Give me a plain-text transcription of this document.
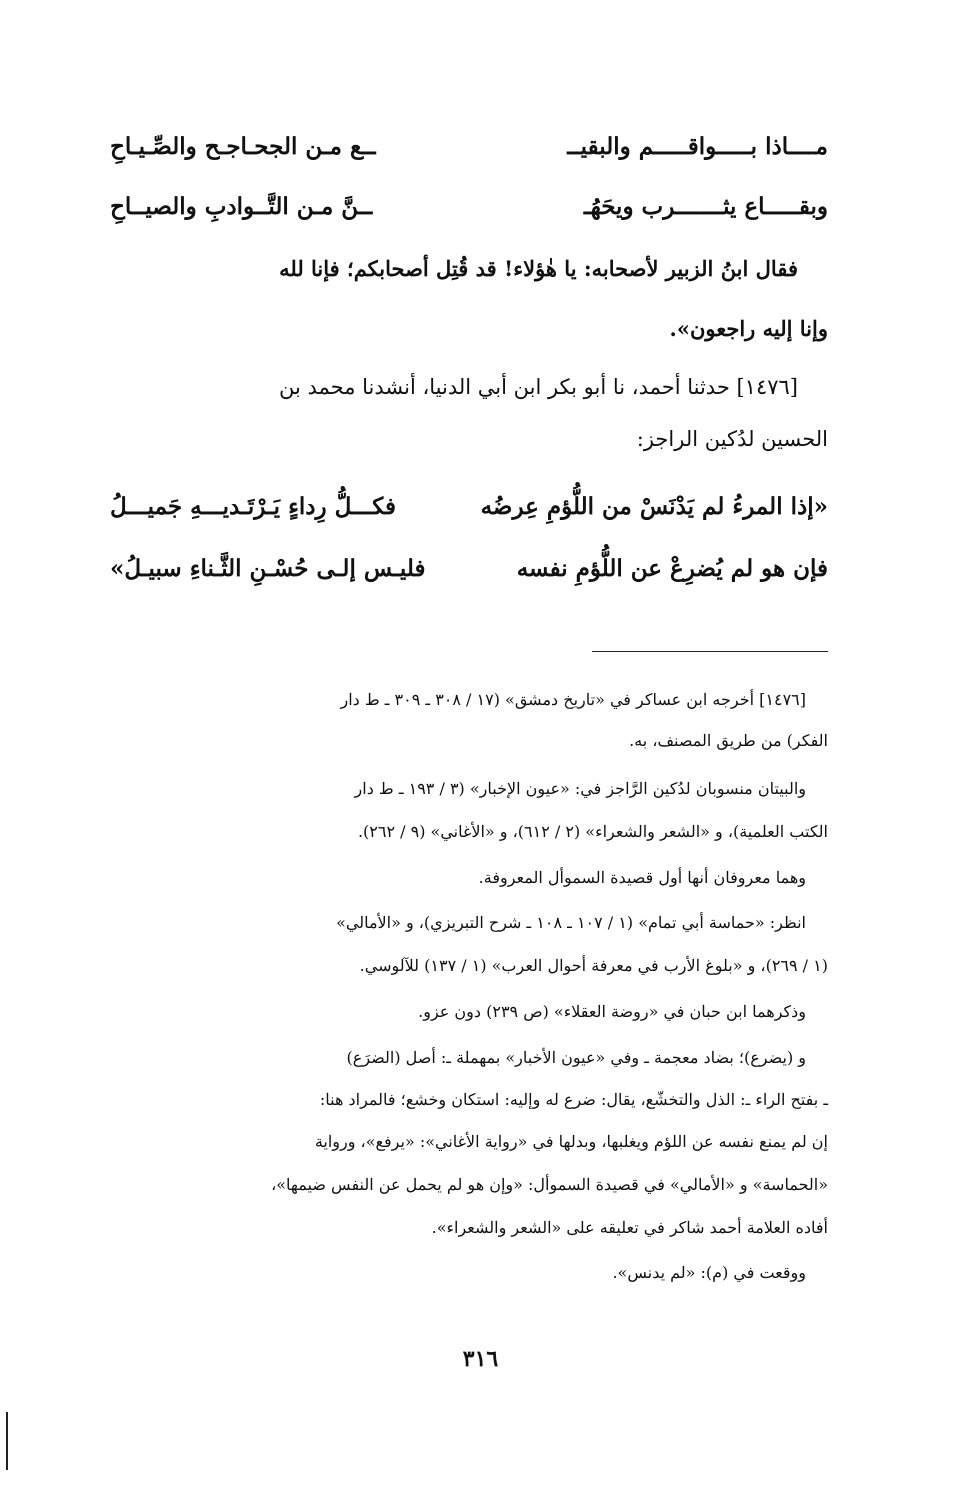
مــــاذا بـــــواقـــــم والبقيــ
ــع مـن الجحـاجـح والصِّـيـاحِ
وبقـــــاع يثـــــــرب ويحَهُـ
ــنَّ مـن التَّــوادبِ والصيــاحِ
فقال ابنُ الزبير لأصحابه: يا هٰؤلاء! قد قُتِل أصحابكم؛ فإنا لله
وإنا إليه راجعون».
[١٤٧٦] حدثنا أحمد، نا أبو بكر ابن أبي الدنيا، أنشدنا محمد بن
الحسين لدُكين الراجز:
«إذا المرءُ لم يَدْنَسْ من اللُّؤمِ عِرضُه
فكـــلُّ رِداءٍ يَـرْتَـديـــهِ جَميـــلُ
فإن هو لم يُضرِعْ عن اللُّؤمِ نفسه
فليـس إلـى حُسْـنِ الثَّـناءِ سبيـلُ»
[١٤٧٦] أخرجه ابن عساكر في «تاريخ دمشق» (١٧ / ٣٠٨ ـ ٣٠٩ ـ ط دار
الفكر) من طريق المصنف، به.
والبيتان منسوبان لدُكين الرَّاجز في: «عيون الإخبار» (٣ / ١٩٣ ـ ط دار
الكتب العلمية)، و «الشعر والشعراء» (٢ / ٦١٢)، و «الأغاني» (٩ / ٢٦٢).
وهما معروفان أنها أول قصيدة السموأل المعروفة.
انظر: «حماسة أبي تمام» (١ / ١٠٧ ـ ١٠٨ ـ شرح التبريزي)، و «الأمالي»
(١ / ٢٦٩)، و «بلوغ الأرب في معرفة أحوال العرب» (١ / ١٣٧) للآلوسي.
وذكرهما ابن حبان في «روضة العقلاء» (ص ٢٣٩) دون عزو.
و (يضرع)؛ بضاد معجمة ـ وفي «عيون الأخبار» بمهملة ـ: أصل (الضرَع)
ـ بفتح الراء ـ: الذل والتخشّع، يقال: ضرع له وإليه: استكان وخشع؛ فالمراد هنا:
إن لم يمنع نفسه عن اللؤم ويغلبها، وبدلها في «رواية الأغاني»: «يرفع»، ورواية
«الحماسة» و «الأمالي» في قصيدة السموأل: «وإن هو لم يحمل عن النفس ضيمها»،
أفاده العلامة أحمد شاكر في تعليقه على «الشعر والشعراء».
ووقعت في (م): «لم يدنس».
٣١٦
